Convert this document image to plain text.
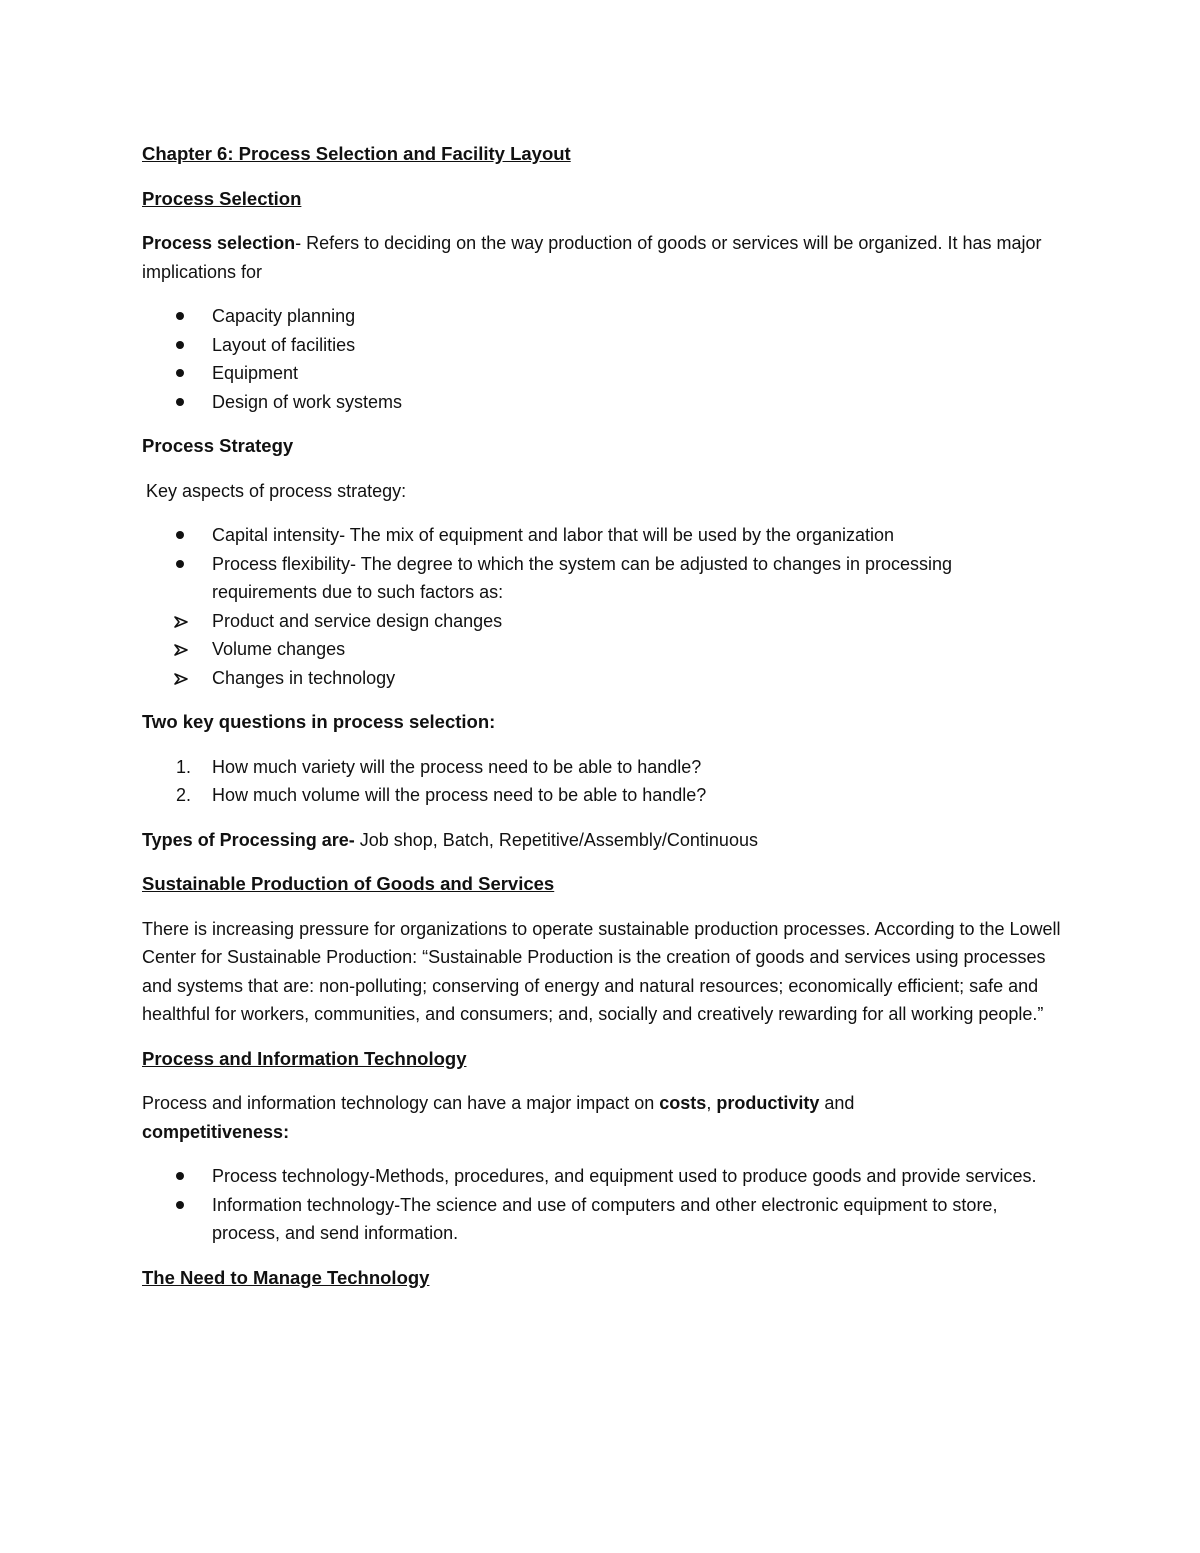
Chapter 6: Process Selection and Facility Layout
Process Selection
Process selection- Refers to deciding on the way production of goods or services will be organized. It has major implications for
Capacity planning
Layout of facilities
Equipment
Design of work systems
Process Strategy
Key aspects of process strategy:
Capital intensity- The mix of equipment and labor that will be used by the organization
Process flexibility- The degree to which the system can be adjusted to changes in processing requirements due to such factors as:
Product and service design changes
Volume changes
Changes in technology
Two key questions in process selection:
1. How much variety will the process need to be able to handle?
2. How much volume will the process need to be able to handle?
Types of Processing are- Job shop, Batch, Repetitive/Assembly/Continuous
Sustainable Production of Goods and Services
There is increasing pressure for organizations to operate sustainable production processes. According to the Lowell Center for Sustainable Production: “Sustainable Production is the creation of goods and services using processes and systems that are: non-polluting; conserving of energy and natural resources; economically efficient; safe and healthful for workers, communities, and consumers; and, socially and creatively rewarding for all working people.”
Process and Information Technology
Process and information technology can have a major impact on costs, productivity and
competitiveness:
Process technology-Methods, procedures, and equipment used to produce goods and provide services.
Information technology-The science and use of computers and other electronic equipment to store, process, and send information.
The Need to Manage Technology
